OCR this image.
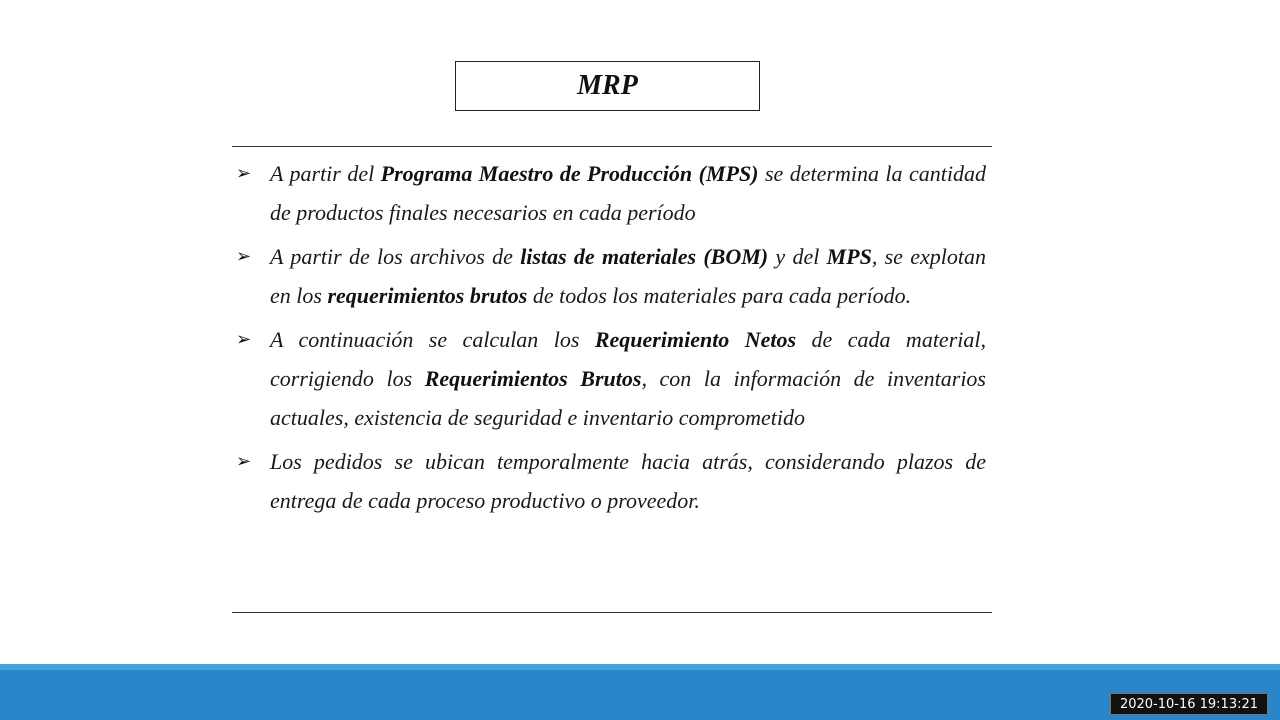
MRP
➢ A partir del Programa Maestro de Producción (MPS) se determina la cantidad de productos finales necesarios en cada período
➢ A partir de los archivos de listas de materiales (BOM) y del MPS, se explotan en los requerimientos brutos de todos los materiales para cada período.
➢ A continuación se calculan los Requerimiento Netos de cada material, corrigiendo los Requerimientos Brutos, con la información de inventarios actuales, existencia de seguridad e inventario comprometido
➢ Los pedidos se ubican temporalmente hacia atrás, considerando plazos de entrega de cada proceso productivo o proveedor.
2020-10-16 19:13:21
